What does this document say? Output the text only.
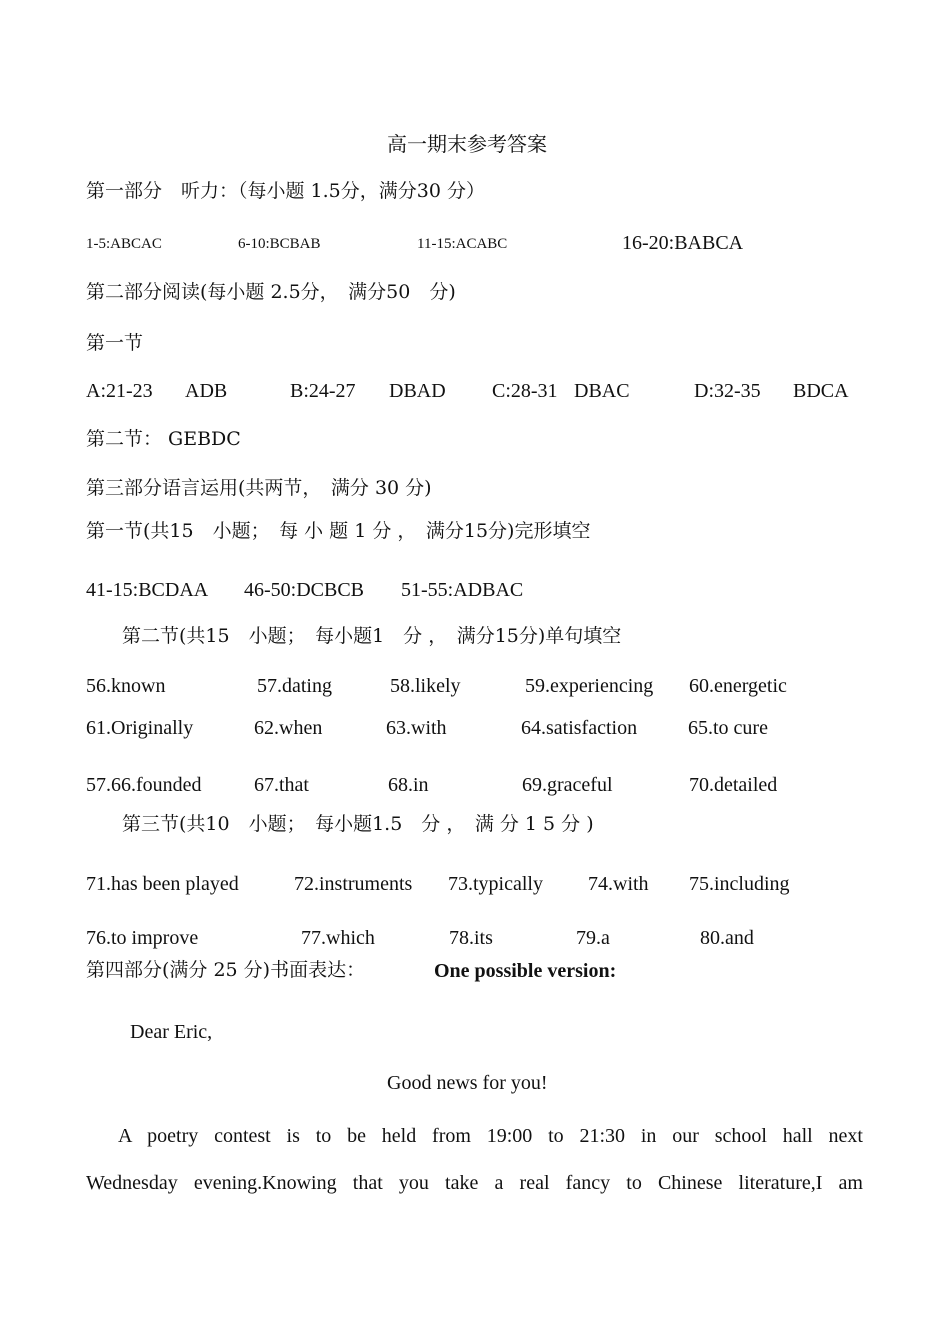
高一期末参考答案
第一部分　听力：（每小题 1.5分，满分30 分）
1-5:ABCAC	6-10:BCBAB	11-15:ACABC	16-20:BABCA
第二部分阅读(每小题 2.5分，　满分50　分)
第一节
A:21-23 ADB	B:24-27 DBAD C:28-31 DBAC	D:32-35 BDCA
第二节： GEBDC
第三部分语言运用(共两节，　满分 30 分)
第一节(共15　小题；　每 小 题 1 分 ，　满分15分)完形填空
41-15:BCDAA 46-50:DCBCB 51-55:ADBAC
第二节(共15　小题；　每小题1　分 ，　满分15分)单句填空
56.known	57.dating	58.likely	59.experiencing 60.energetic
61.Originally	62.when	63.with	64.satisfaction	65.to cure
57.66.founded	67.that	68.in	69.graceful	70.detailed
第三节(共10　小题；　每小题1.5　分 ，　满 分 1 5 分 )
71.has been played	72.instruments 73.typically 74.with 75.including
76.to improve	77.which	78.its	79.a	80.and
第四部分(满分 25 分)书面表达：	One possible version:
Dear Eric,
Good news for you!
A poetry contest is to be held from 19:00 to 21:30 in our school hall next
Wednesday evening.Knowing that you take a real fancy to Chinese literature,I am
